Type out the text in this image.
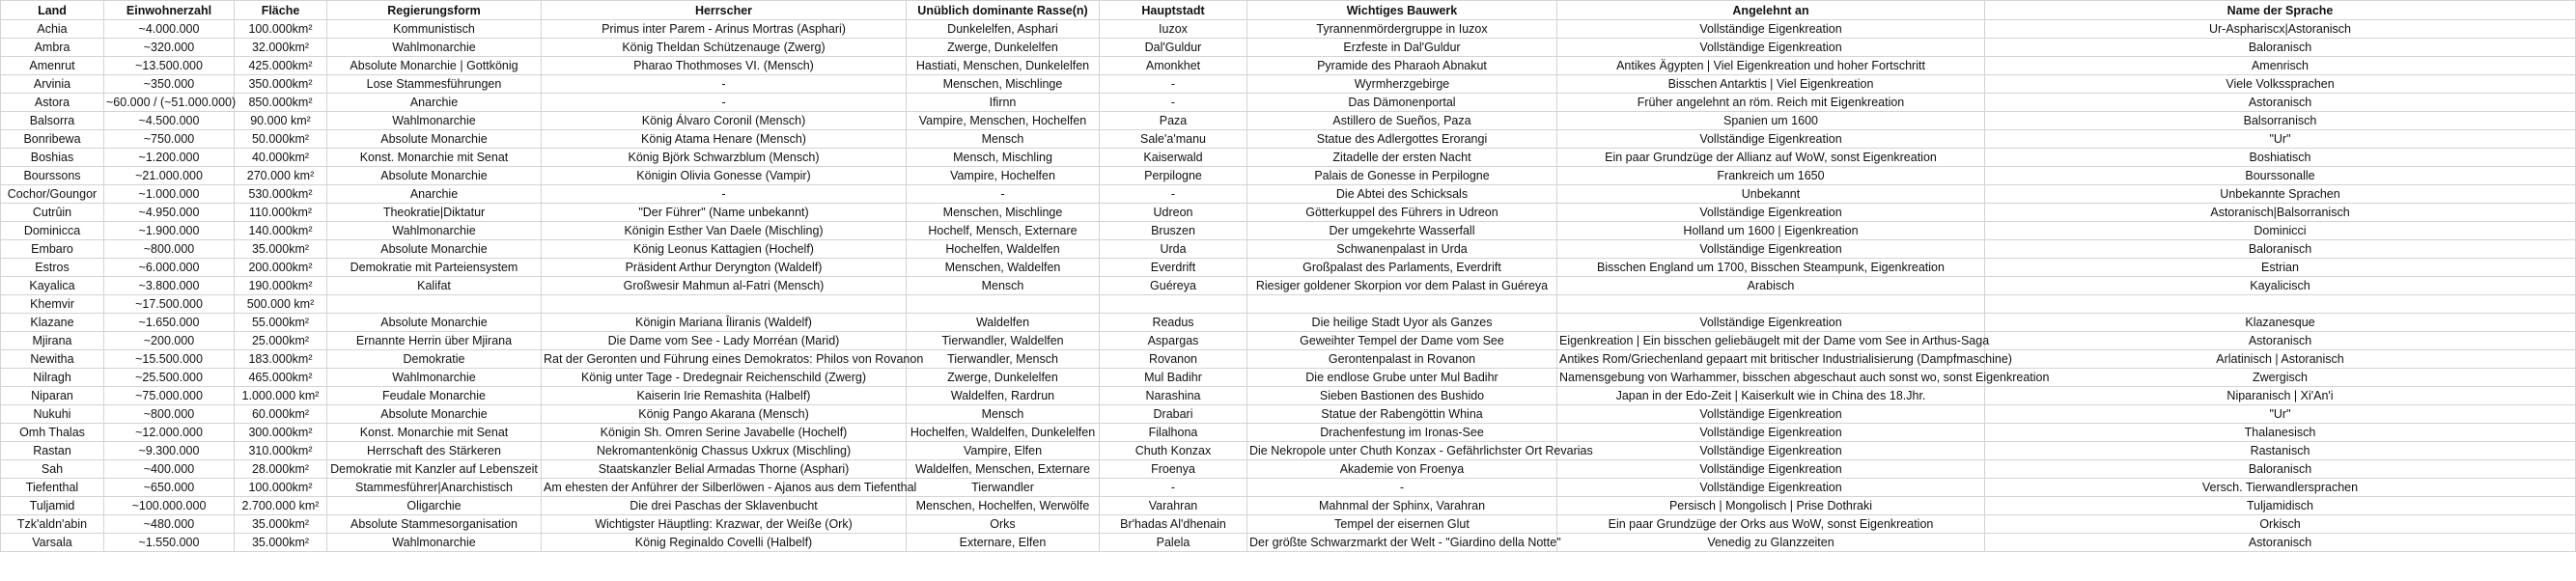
Land	Einwohnerzahl	Fläche	Regierungsform	Herrscher	Unüblich dominante Rasse(n)	Hauptstadt	Wichtiges Bauwerk	Angelehnt an	Name der Sprache
Achia	~4.000.000	100.000km²	Kommunistisch	Primus inter Parem - Arinus Mortras (Asphari)	Dunkelelfen, Asphari	Iuzox	Tyrannenmördergruppe in Iuzox	Vollständige Eigenkreation	Ur-Asphariscх|Astoranisch
Ambra	~320.000	32.000km²	Wahlmonarchie	König Theldan Schützenauge (Zwerg)	Zwerge, Dunkelelfen	Dal'Guldur	Erzfeste in Dal'Guldur	Vollständige Eigenkreation	Baloranisch
Amenrut	~13.500.000	425.000km²	Absolute Monarchie | Gottkönig	Pharao Thothmoses VI. (Mensch)	Hastiati, Menschen, Dunkelelfen	Amonkhet	Pyramide des Pharaoh Abnakut	Antikes Ägypten | Viel Eigenkreation und hoher Fortschritt	Amenrisch
Arvinia	~350.000	350.000km²	Lose Stammesführungen	-	Menschen, Mischlinge	-	Wyrmherzgebirge	Bisschen Antarktis | Viel Eigenkreation	Viele Volkssprachen
Astora	~60.000 / (~51.000.000)	850.000km²	Anarchie	-	Ifirnn	-	Das Dämonenportal	Früher angelehnt an röm. Reich mit Eigenkreation	Astoranisch
Balsorra	~4.500.000	90.000 km²	Wahlmonarchie	König Álvaro Coronil (Mensch)	Vampire, Menschen, Hochelfen	Paza	Astillero de Sueños, Paza	Spanien um 1600	Balsorranisch
Bonribewa	~750.000	50.000km²	Absolute Monarchie	König Atama Henare (Mensch)	Mensch	Sale'a'manu	Statue des Adlergottes Erorangi	Vollständige Eigenkreation	"Ur"
Boshias	~1.200.000	40.000km²	Konst. Monarchie mit Senat	König Björk Schwarzblum (Mensch)	Mensch, Mischling	Kaiserwald	Zitadelle der ersten Nacht	Ein paar Grundzüge der Allianz auf WoW, sonst Eigenkreation	Boshiatisch
Bourssons	~21.000.000	270.000 km²	Absolute Monarchie	Königin Olivia Gonesse (Vampir)	Vampire, Hochelfen	Perpilogne	Palais de Gonesse in Perpilogne	Frankreich um 1650	Bourssonalle
Cochor/Goungor	~1.000.000	530.000km²	Anarchie	-	-	-	Die Abtei des Schicksals	Unbekannt	Unbekannte Sprachen
Cutrûin	~4.950.000	110.000km²	Theokratie|Diktatur	"Der Führer" (Name unbekannt)	Menschen, Mischlinge	Udreon	Götterkuppel des Führers in Udreon	Vollständige Eigenkreation	Astoranisch|Balsorranisch
Dominicca	~1.900.000	140.000km²	Wahlmonarchie	Königin Esther Van Daele (Mischling)	Hochelf, Mensch, Externare	Bruszen	Der umgekehrte Wasserfall	Holland um 1600 | Eigenkreation	Dominicci
Embaro	~800.000	35.000km²	Absolute Monarchie	König Leonus Kattagien (Hochelf)	Hochelfen, Waldelfen	Urda	Schwanenpalast in Urda	Vollständige Eigenkreation	Baloranisch
Estros	~6.000.000	200.000km²	Demokratie mit Parteiensystem	Präsident Arthur Deryngton (Waldelf)	Menschen, Waldelfen	Everdrift	Großpalast des Parlaments, Everdrift	Bisschen England um 1700, Bisschen Steampunk, Eigenkreation	Estrian
Kayalica	~3.800.000	190.000km²	Kalifat	Großwesir Mahmun al-Fatri (Mensch)	Mensch	Guéreya	Riesiger goldener Skorpion vor dem Palast in Guéreya	Arabisch	Kayalicisch
Khemvir	~17.500.000	500.000 km²							
Klazane	~1.650.000	55.000km²	Absolute Monarchie	Königin Mariana Îliranis (Waldelf)	Waldelfen	Readus	Die heilige Stadt Uyor als Ganzes	Vollständige Eigenkreation	Klazanesque
Mjirana	~200.000	25.000km²	Ernannte Herrin über Mjirana	Die Dame vom See - Lady Morréan (Marid)	Tierwandler, Waldelfen	Aspargas	Geweihter Tempel der Dame vom See	Eigenkreation | Ein bisschen geliebäugelt mit der Dame vom See in Arthus-Saga	Astoranisch
Newitha	~15.500.000	183.000km²	Demokratie	Rat der Geronten und Führung eines Demokratos: Philos von Rovanon	Tierwandler, Mensch	Rovanon	Gerontenpalast in Rovanon	Antikes Rom/Griechenland gepaart mit britischer Industrialisierung (Dampfmaschine)	Arlatinisch | Astoranisch
Nilragh	~25.500.000	465.000km²	Wahlmonarchie	König unter Tage - Dredegnair Reichenschild (Zwerg)	Zwerge, Dunkelelfen	Mul Badihr	Die endlose Grube unter Mul Badihr	Namensgebung von Warhammer, bisschen abgeschaut auch sonst wo, sonst Eigenkreation	Zwergisch
Niparan	~75.000.000	1.000.000 km²	Feudale Monarchie	Kaiserin Irie Remashita (Halbelf)	Waldelfen, Rardrun	Narashina	Sieben Bastionen des Bushido	Japan in der Edo-Zeit | Kaiserkult wie in China des 18.Jhr.	Niparanisch | Xi'An'i
Nukuhi	~800.000	60.000km²	Absolute Monarchie	König Pango Akarana (Mensch)	Mensch	Drabari	Statue der Rabengöttin Whina	Vollständige Eigenkreation	"Ur"
Omh Thalas	~12.000.000	300.000km²	Konst. Monarchie mit Senat	Königin Sh. Omren Serine Javabelle (Hochelf)	Hochelfen, Waldelfen, Dunkelelfen	Filalhona	Drachenfestung im Ironas-See	Vollständige Eigenkreation	Thalanesisch
Rastan	~9.300.000	310.000km²	Herrschaft des Stärkeren	Nekromantenkönig Chassus Uxkrux (Mischling)	Vampire, Elfen	Chuth Konzax	Die Nekropole unter Chuth Konzax - Gefährlichster Ort Revarias	Vollständige Eigenkreation	Rastanisch
Sah	~400.000	28.000km²	Demokratie mit Kanzler auf Lebenszeit	Staatskanzler Belial Armadas Thorne (Asphari)	Waldelfen, Menschen, Externare	Froenya	Akademie von Froenya	Vollständige Eigenkreation	Baloranisch
Tiefenthal	~650.000	100.000km²	Stammesführer|Anarchistisch	Am ehesten der Anführer der Silberlöwen - Ajanos aus dem Tiefenthal	Tierwandler	-	-	Vollständige Eigenkreation	Versch. Tierwandlersprachen
Tuljamid	~100.000.000	2.700.000 km²	Oligarchie	Die drei Paschas der Sklavenbucht	Menschen, Hochelfen, Werwölfe	Varahran	Mahnmal der Sphinx, Varahran	Persisch | Mongolisch | Prise Dothraki	Tuljamidisch
Tzk'aldn'abin	~480.000	35.000km²	Absolute Stammesorganisation	Wichtigster Häuptling: Krazwar, der Weiße (Ork)	Orks	Br'hadas Al'dhenain	Tempel der eisernen Glut	Ein paar Grundzüge der Orks aus WoW, sonst Eigenkreation	Orkisch
Varsala	~1.550.000	35.000km²	Wahlmonarchie	König Reginaldo Covelli (Halbelf)	Externare, Elfen	Palela	Der größte Schwarzmarkt der Welt - "Giardino della Notte"	Venedig zu Glanzzeiten	Astoranisch
